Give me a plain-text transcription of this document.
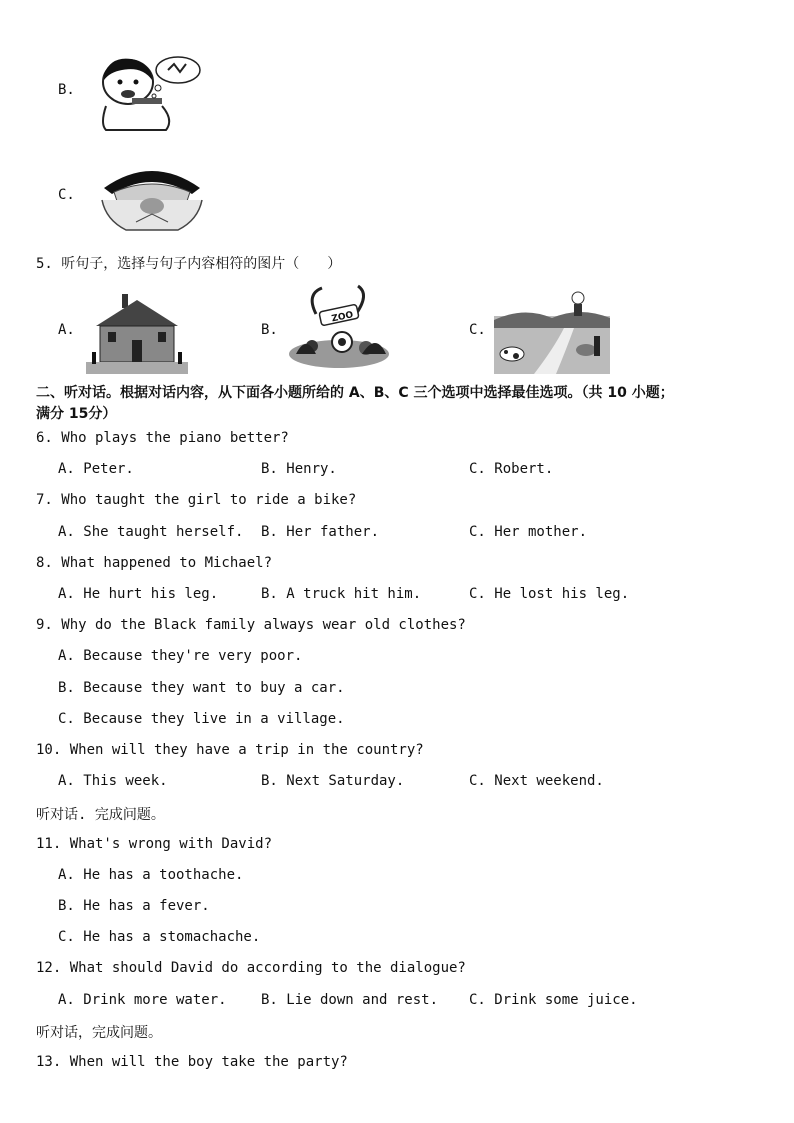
B.
C.
5. 听句子，选择与句子内容相符的图片（　　）
A.	B.
ZOO
C.
二、听对话。根据对话内容，从下面各小题所给的 A、B、C 三个选项中选择最佳选项。（共 10 小题；
满分 15分）
6. Who plays the piano better?
A. Peter.	B. Henry.	C. Robert.
7. Who taught the girl to ride a bike?
A. She taught herself. B. Her father.	C. Her mother.
8. What happened to Michael?
A. He hurt his leg.	B. A truck hit him.	C. He lost his leg.
9. Why do the Black family always wear old clothes?
A. Because they're very poor.
B. Because they want to buy a car.
C. Because they live in a village.
10. When will they have a trip in the country?
A. This week.	B. Next Saturday.	C. Next weekend.
听对话. 完成问题。
11. What's wrong with David?
A. He has a toothache.
B. He has a fever.
C. He has a stomachache.
12. What should David do according to the dialogue?
A. Drink more water. B. Lie down and rest. C. Drink some juice.
听对话，完成问题。
13. When will the boy take the party?
